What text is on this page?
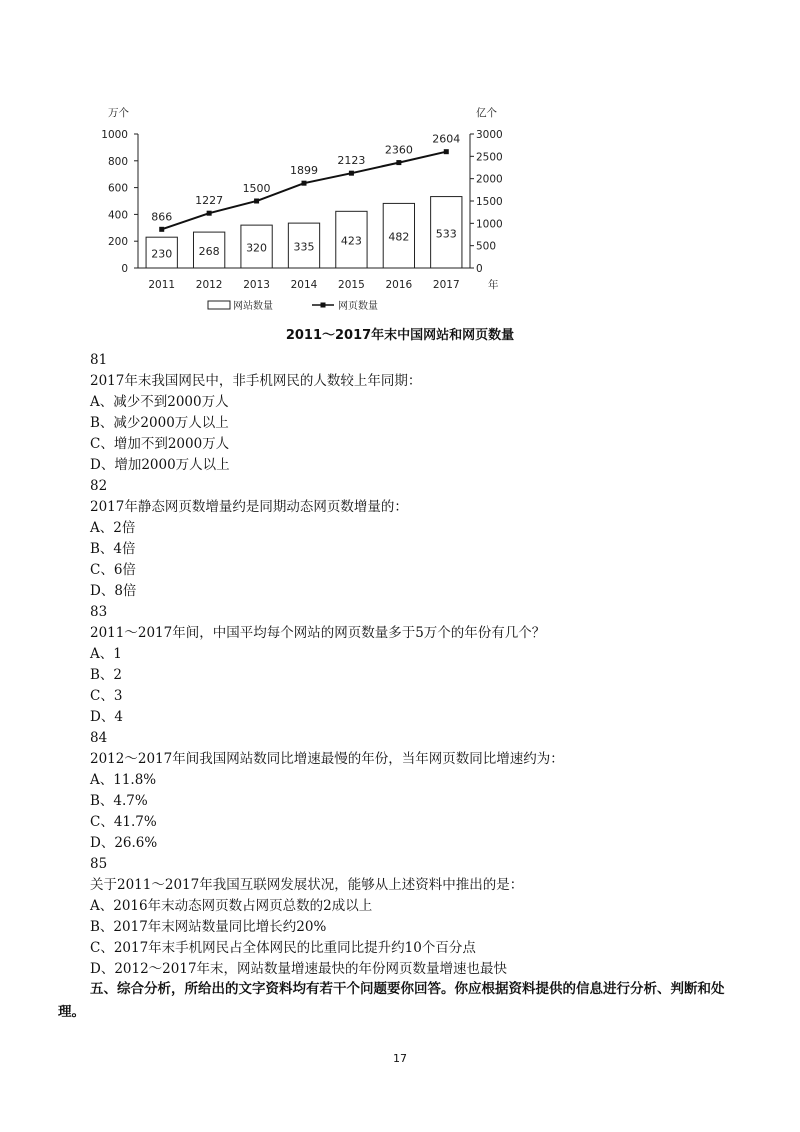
0
200
400
600
800
1000
0
500
1000
1500
2000
2500
3000
2011 2012 2013 2014 2015 2016 2017	年
万个	亿个
230 268 320 335 423 482 533
866
1227
1500
1899
2123
2360
2604
网站数量	网页数量
2011～2017年末中国网站和网页数量
81
2017年末我国网民中，非手机网民的人数较上年同期：
A、减少不到2000万人
B、减少2000万人以上
C、增加不到2000万人
D、增加2000万人以上
82
2017年静态网页数增量约是同期动态网页数增量的：
A、2倍
B、4倍
C、6倍
D、8倍
83
2011～2017年间，中国平均每个网站的网页数量多于5万个的年份有几个？
A、1
B、2
C、3
D、4
84
2012～2017年间我国网站数同比增速最慢的年份，当年网页数同比增速约为：
A、11.8%
B、4.7%
C、41.7%
D、26.6%
85
关于2011～2017年我国互联网发展状况，能够从上述资料中推出的是：
A、2016年末动态网页数占网页总数的2成以上
B、2017年末网站数量同比增长约20%
C、2017年末手机网民占全体网民的比重同比提升约10个百分点
D、2012～2017年末，网站数量增速最快的年份网页数量增速也最快
五、综合分析，所给出的文字资料均有若干个问题要你回答。你应根据资料提供的信息进行分析、判断和处理。
17
